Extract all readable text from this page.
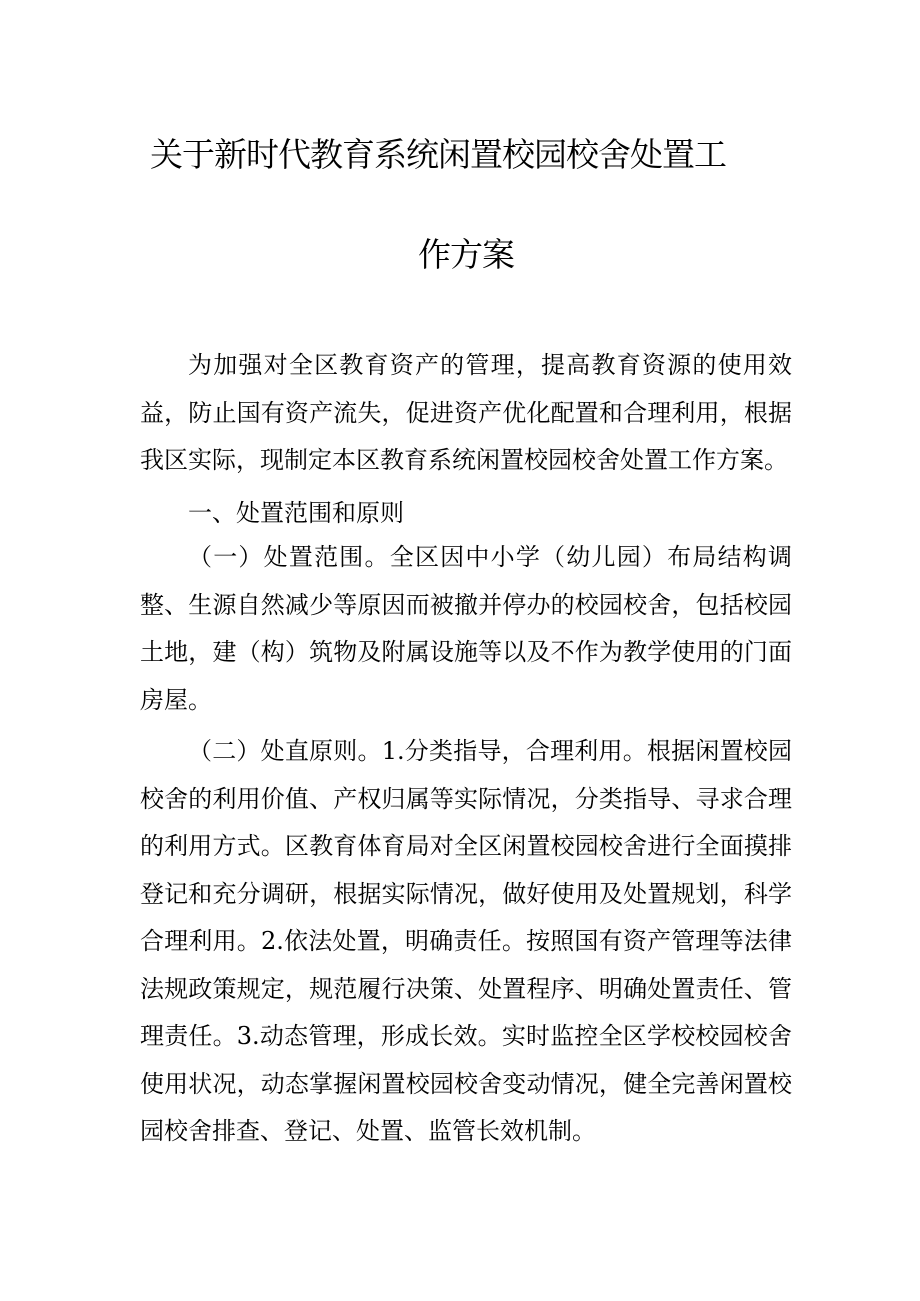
关于新时代教育系统闲置校园校舍处置工
作方案

为加强对全区教育资产的管理，提高教育资源的使用效益，防止国有资产流失，促进资产优化配置和合理利用，根据我区实际，现制定本区教育系统闲置校园校舍处置工作方案。

一、处置范围和原则

（一）处置范围。全区因中小学（幼儿园）布局结构调整、生源自然减少等原因而被撤并停办的校园校舍，包括校园土地，建（构）筑物及附属设施等以及不作为教学使用的门面房屋。

（二）处直原则。1.分类指导，合理利用。根据闲置校园校舍的利用价值、产权归属等实际情况，分类指导、寻求合理的利用方式。区教育体育局对全区闲置校园校舍进行全面摸排登记和充分调研，根据实际情况，做好使用及处置规划，科学合理利用。2.依法处置，明确责任。按照国有资产管理等法律法规政策规定，规范履行决策、处置程序、明确处置责任、管理责任。3.动态管理，形成长效。实时监控全区学校校园校舍使用状况，动态掌握闲置校园校舍变动情况，健全完善闲置校园校舍排查、登记、处置、监管长效机制。
